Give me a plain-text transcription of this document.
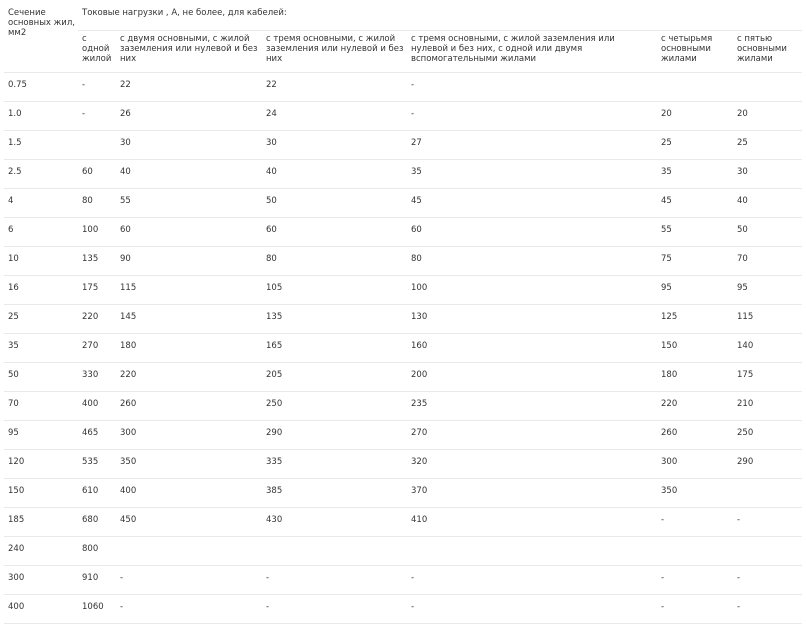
Сечение основных жил, мм2	Токовые нагрузки , А, не более, для кабелей:					
	с одной жилой	с двумя основными, с жилой заземления или нулевой и без них	с тремя основными, с жилой заземления или нулевой и без них	с тремя основными, с жилой заземления или нулевой и без них, с одной или двумя вспомогательными жилами	с четырьмя основными жилами	с пятью основными жилами
0.75	-	22	22	-		
1.0	-	26	24	-	20	20
1.5		30	30	27	25	25
2.5	60	40	40	35	35	30
4	80	55	50	45	45	40
6	100	60	60	60	55	50
10	135	90	80	80	75	70
16	175	115	105	100	95	95
25	220	145	135	130	125	115
35	270	180	165	160	150	140
50	330	220	205	200	180	175
70	400	260	250	235	220	210
95	465	300	290	270	260	250
120	535	350	335	320	300	290
150	610	400	385	370	350	
185	680	450	430	410	-	-
240	800					
300	910	-	-	-	-	-
400	1060	-	-	-	-	-
